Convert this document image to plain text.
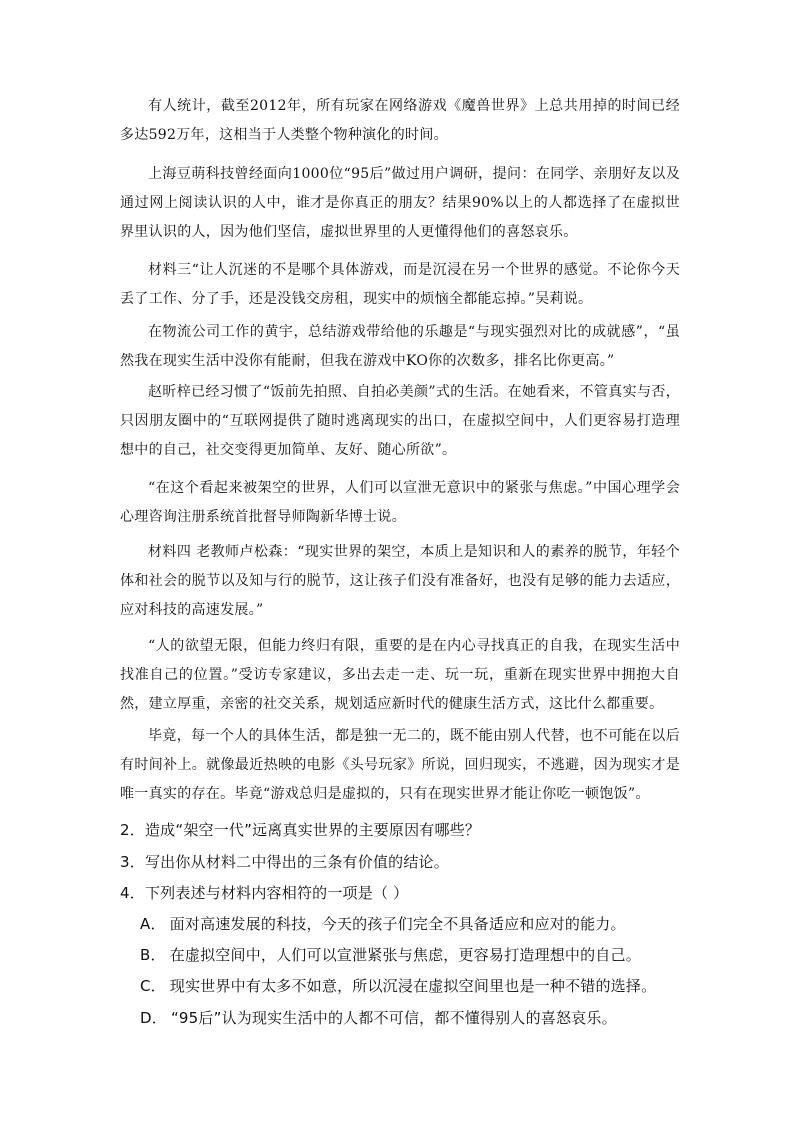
有人统计，截至2012年，所有玩家在网络游戏《魔兽世界》上总共用掉的时间已经多达592万年，这相当于人类整个物种演化的时间。

上海豆萌科技曾经面向1000位“95后”做过用户调研，提问：在同学、亲朋好友以及通过网上阅读认识的人中，谁才是你真正的朋友？结果90%以上的人都选择了在虚拟世界里认识的人，因为他们坚信，虚拟世界里的人更懂得他们的喜怒哀乐。

材料三“让人沉迷的不是哪个具体游戏，而是沉浸在另一个世界的感觉。不论你今天丢了工作、分了手，还是没钱交房租，现实中的烦恼全都能忘掉。”吴莉说。

在物流公司工作的黄宇，总结游戏带给他的乐趣是“与现实强烈对比的成就感”，“虽然我在现实生活中没你有能耐，但我在游戏中KO你的次数多，排名比你更高。”

赵昕梓已经习惯了“饭前先拍照、自拍必美颜”式的生活。在她看来，不管真实与否，只因朋友圈中的“互联网提供了随时逃离现实的出口，在虚拟空间中，人们更容易打造理想中的自己，社交变得更加简单、友好、随心所欲”。

“在这个看起来被架空的世界，人们可以宣泄无意识中的紧张与焦虑。”中国心理学会心理咨询注册系统首批督导师陶新华博士说。

材料四 老教师卢松森：“现实世界的架空，本质上是知识和人的素养的脱节，年轻个体和社会的脱节以及知与行的脱节，这让孩子们没有准备好，也没有足够的能力去适应，应对科技的高速发展。”

“人的欲望无限，但能力终归有限，重要的是在内心寻找真正的自我，在现实生活中找准自己的位置。”受访专家建议，多出去走一走、玩一玩，重新在现实世界中拥抱大自然，建立厚重，亲密的社交关系，规划适应新时代的健康生活方式，这比什么都重要。

毕竟，每一个人的具体生活，都是独一无二的，既不能由别人代替，也不可能在以后有时间补上。就像最近热映的电影《头号玩家》所说，回归现实，不逃避，因为现实才是唯一真实的存在。毕竟“游戏总归是虚拟的，只有在现实世界才能让你吃一顿饱饭”。

2．造成“架空一代”远离真实世界的主要原因有哪些？
3．写出你从材料二中得出的三条有价值的结论。
4．下列表述与材料内容相符的一项是（ ）
A． 面对高速发展的科技，今天的孩子们完全不具备适应和应对的能力。
B． 在虚拟空间中，人们可以宣泄紧张与焦虑，更容易打造理想中的自己。
C． 现实世界中有太多不如意，所以沉浸在虚拟空间里也是一种不错的选择。
D． “95后”认为现实生活中的人都不可信，都不懂得别人的喜怒哀乐。
